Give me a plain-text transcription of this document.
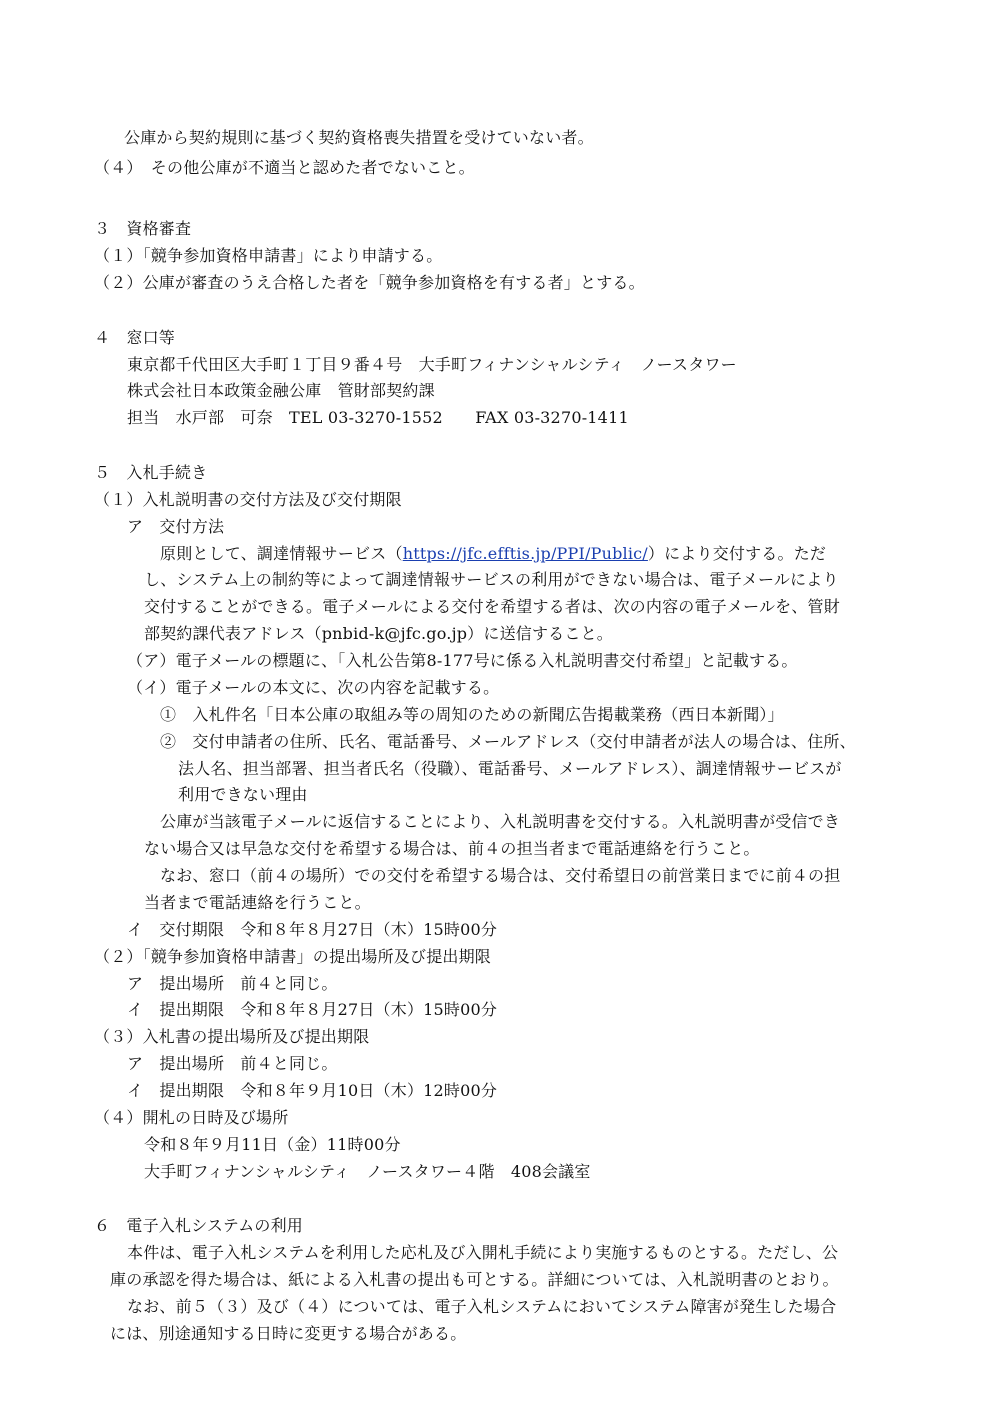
公庫から契約規則に基づく契約資格喪失措置を受けていない者。
（４）　その他公庫が不適当と認めた者でないこと。
３　資格審査
（１）「競争参加資格申請書」により申請する。
（２）公庫が審査のうえ合格した者を「競争参加資格を有する者」とする。
４　窓口等
東京都千代田区大手町１丁目９番４号　大手町フィナンシャルシティ　ノースタワー
株式会社日本政策金融公庫　管財部契約課
担当　水戸部　可奈　TEL 03-3270-1552　　FAX 03-3270-1411
５　入札手続き
（１）入札説明書の交付方法及び交付期限
ア　交付方法
原則として、調達情報サービス（https://jfc.efftis.jp/PPI/Public/）により交付する。ただ
し、システム上の制約等によって調達情報サービスの利用ができない場合は、電子メールにより
交付することができる。電子メールによる交付を希望する者は、次の内容の電子メールを、管財
部契約課代表アドレス（pnbid-k@jfc.go.jp）に送信すること。
（ア）電子メールの標題に、「入札公告第8-177号に係る入札説明書交付希望」と記載する。
（イ）電子メールの本文に、次の内容を記載する。
①　入札件名「日本公庫の取組み等の周知のための新聞広告掲載業務（西日本新聞）」
②　交付申請者の住所、氏名、電話番号、メールアドレス（交付申請者が法人の場合は、住所、
法人名、担当部署、担当者氏名（役職）、電話番号、メールアドレス）、調達情報サービスが
利用できない理由
公庫が当該電子メールに返信することにより、入札説明書を交付する。入札説明書が受信でき
ない場合又は早急な交付を希望する場合は、前４の担当者まで電話連絡を行うこと。
なお、窓口（前４の場所）での交付を希望する場合は、交付希望日の前営業日までに前４の担
当者まで電話連絡を行うこと。
イ　交付期限　令和８年８月27日（木）15時00分
（２）「競争参加資格申請書」の提出場所及び提出期限
ア　提出場所　前４と同じ。
イ　提出期限　令和８年８月27日（木）15時00分
（３）入札書の提出場所及び提出期限
ア　提出場所　前４と同じ。
イ　提出期限　令和８年９月10日（木）12時00分
（４）開札の日時及び場所
令和８年９月11日（金）11時00分
大手町フィナンシャルシティ　ノースタワー４階　408会議室
６　電子入札システムの利用
本件は、電子入札システムを利用した応札及び入開札手続により実施するものとする。ただし、公
庫の承認を得た場合は、紙による入札書の提出も可とする。詳細については、入札説明書のとおり。
なお、前５（３）及び（４）については、電子入札システムにおいてシステム障害が発生した場合
には、別途通知する日時に変更する場合がある。
